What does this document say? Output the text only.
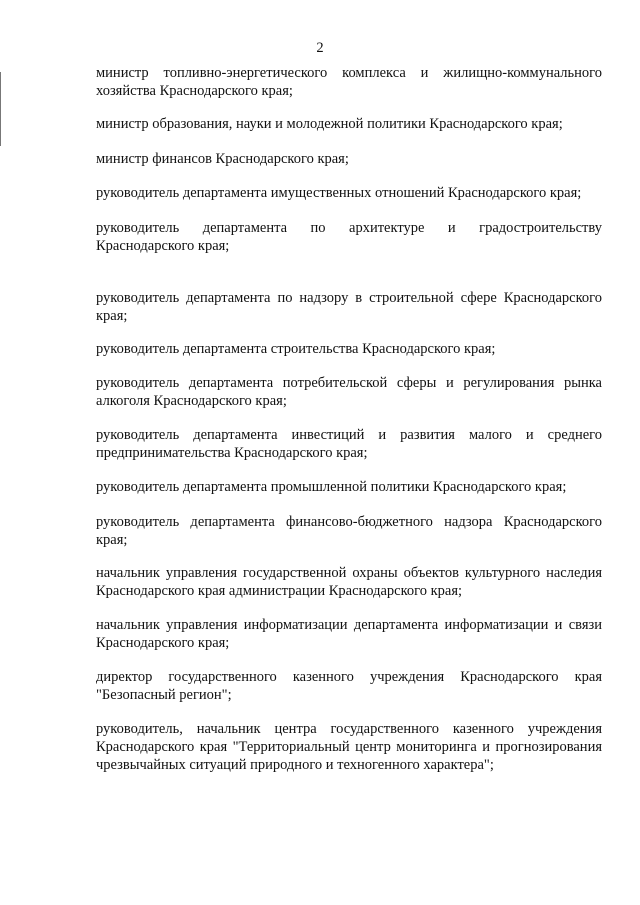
2

министр топливно-энергетического комплекса и жилищно-коммунального хозяйства Краснодарского края;

министр образования, науки и молодежной политики Краснодарского края;

министр финансов Краснодарского края;

руководитель департамента имущественных отношений Краснодарского края;

руководитель департамента по архитектуре и градостроительству Краснодарского края;

руководитель департамента по надзору в строительной сфере Краснодарского края;

руководитель департамента строительства Краснодарского края;

руководитель департамента потребительской сферы и регулирования рынка алкоголя Краснодарского края;

руководитель департамента инвестиций и развития малого и среднего предпринимательства Краснодарского края;

руководитель департамента промышленной политики Краснодарского края;

руководитель департамента финансово-бюджетного надзора Краснодарского края;

начальник управления государственной охраны объектов культурного наследия Краснодарского края администрации Краснодарского края;

начальник управления информатизации департамента информатизации и связи Краснодарского края;

директор государственного казенного учреждения Краснодарского края "Безопасный регион";

руководитель, начальник центра государственного казенного учреждения Краснодарского края "Территориальный центр мониторинга и прогнозирования чрезвычайных ситуаций природного и техногенного характера";
